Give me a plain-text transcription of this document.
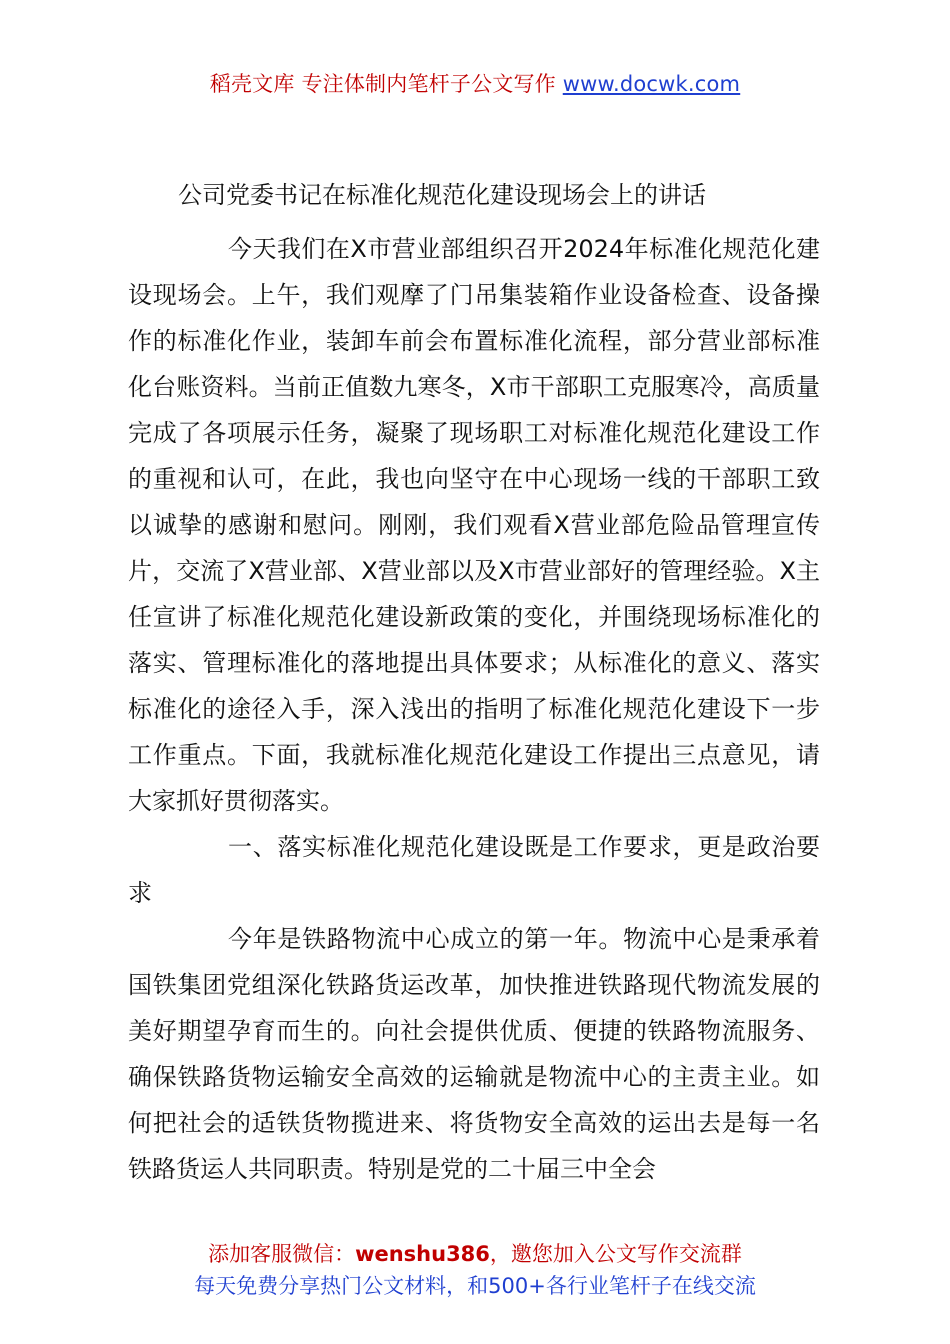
稻壳文库 专注体制内笔杆子公文写作 www.docwk.com
公司党委书记在标准化规范化建设现场会上的讲话

今天我们在X市营业部组织召开2024年标准化规范化建设现场会。上午，我们观摩了门吊集装箱作业设备检查、设备操作的标准化作业，装卸车前会布置标准化流程，部分营业部标准化台账资料。当前正值数九寒冬，X市干部职工克服寒冷，高质量完成了各项展示任务，凝聚了现场职工对标准化规范化建设工作的重视和认可，在此，我也向坚守在中心现场一线的干部职工致以诚挚的感谢和慰问。刚刚，我们观看X营业部危险品管理宣传片，交流了X营业部、X营业部以及X市营业部好的管理经验。X主任宣讲了标准化规范化建设新政策的变化，并围绕现场标准化的落实、管理标准化的落地提出具体要求；从标准化的意义、落实标准化的途径入手，深入浅出的指明了标准化规范化建设下一步工作重点。下面，我就标准化规范化建设工作提出三点意见，请大家抓好贯彻落实。

一、落实标准化规范化建设既是工作要求，更是政治要求

今年是铁路物流中心成立的第一年。物流中心是秉承着国铁集团党组深化铁路货运改革，加快推进铁路现代物流发展的美好期望孕育而生的。向社会提供优质、便捷的铁路物流服务、确保铁路货物运输安全高效的运输就是物流中心的主责主业。如何把社会的适铁货物揽进来、将货物安全高效的运出去是每一名铁路货运人共同职责。特别是党的二十届三中全会

添加客服微信：wenshu386，邀您加入公文写作交流群
每天免费分享热门公文材料，和500+各行业笔杆子在线交流
